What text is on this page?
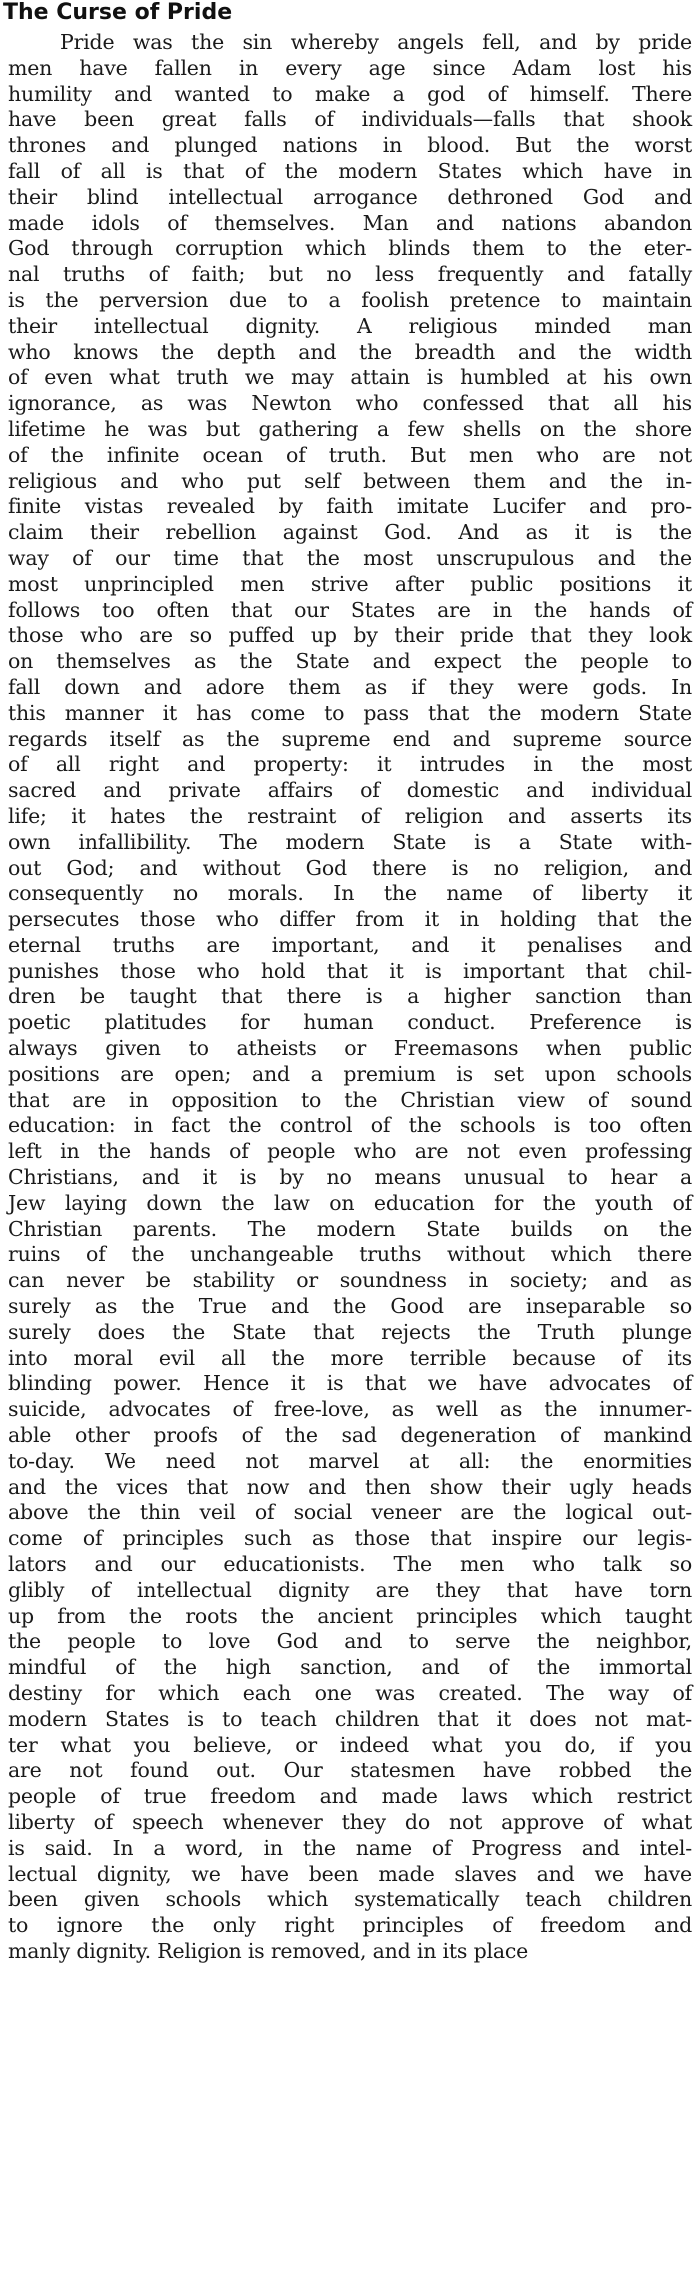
The Curse of Pride
Pride was the sin whereby angels fell, and by pride
men have fallen in every age since Adam lost his
humility and wanted to make a god of himself. There
have been great falls of individuals—falls that shook
thrones and plunged nations in blood. But the worst
fall of all is that of the modern States which have in
their blind intellectual arrogance dethroned God and
made idols of themselves. Man and nations abandon
God through corruption which blinds them to the eter-
nal truths of faith; but no less frequently and fatally
is the perversion due to a foolish pretence to maintain
their intellectual dignity. A religious minded man
who knows the depth and the breadth and the width
of even what truth we may attain is humbled at his own
ignorance, as was Newton who confessed that all his
lifetime he was but gathering a few shells on the shore
of the infinite ocean of truth. But men who are not
religious and who put self between them and the in-
finite vistas revealed by faith imitate Lucifer and pro-
claim their rebellion against God. And as it is the
way of our time that the most unscrupulous and the
most unprincipled men strive after public positions it
follows too often that our States are in the hands of
those who are so puffed up by their pride that they look
on themselves as the State and expect the people to
fall down and adore them as if they were gods. In
this manner it has come to pass that the modern State
regards itself as the supreme end and supreme source
of all right and property: it intrudes in the most
sacred and private affairs of domestic and individual
life; it hates the restraint of religion and asserts its
own infallibility. The modern State is a State with-
out God; and without God there is no religion, and
consequently no morals. In the name of liberty it
persecutes those who differ from it in holding that the
eternal truths are important, and it penalises and
punishes those who hold that it is important that chil-
dren be taught that there is a higher sanction than
poetic platitudes for human conduct. Preference is
always given to atheists or Freemasons when public
positions are open; and a premium is set upon schools
that are in opposition to the Christian view of sound
education: in fact the control of the schools is too often
left in the hands of people who are not even professing
Christians, and it is by no means unusual to hear a
Jew laying down the law on education for the youth of
Christian parents. The modern State builds on the
ruins of the unchangeable truths without which there
can never be stability or soundness in society; and as
surely as the True and the Good are inseparable so
surely does the State that rejects the Truth plunge
into moral evil all the more terrible because of its
blinding power. Hence it is that we have advocates of
suicide, advocates of free-love, as well as the innumer-
able other proofs of the sad degeneration of mankind
to-day. We need not marvel at all: the enormities
and the vices that now and then show their ugly heads
above the thin veil of social veneer are the logical out-
come of principles such as those that inspire our legis-
lators and our educationists. The men who talk so
glibly of intellectual dignity are they that have torn
up from the roots the ancient principles which taught
the people to love God and to serve the neighbor,
mindful of the high sanction, and of the immortal
destiny for which each one was created. The way of
modern States is to teach children that it does not mat-
ter what you believe, or indeed what you do, if you
are not found out. Our statesmen have robbed the
people of true freedom and made laws which restrict
liberty of speech whenever they do not approve of what
is said. In a word, in the name of Progress and intel-
lectual dignity, we have been made slaves and we have
been given schools which systematically teach children
to ignore the only right principles of freedom and
manly dignity. Religion is removed, and in its place
